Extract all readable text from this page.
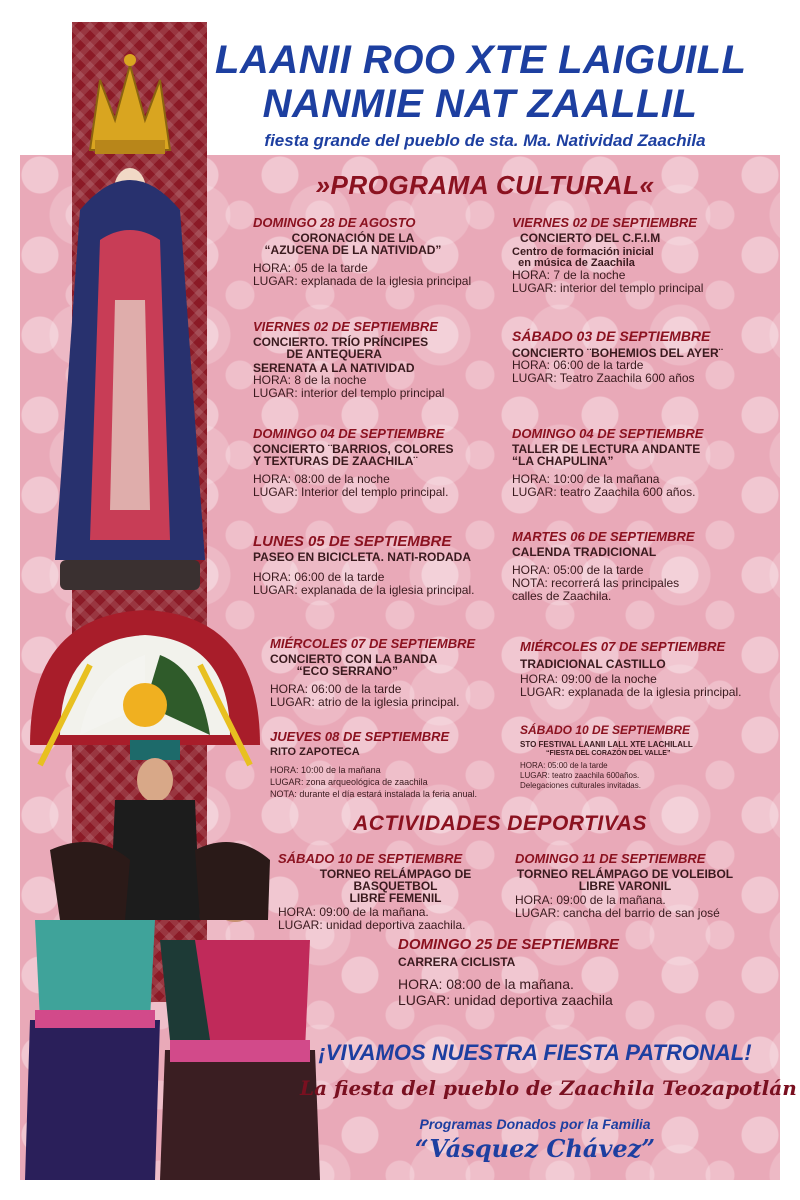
LAANII ROO XTE LAIGUILL
NANMIE NAT ZAALLIL
fiesta grande del pueblo de sta. Ma. Natividad Zaachila
»PROGRAMA CULTURAL«
DOMINGO 28 DE AGOSTO
CORONACIÓN DE LA
“AZUCENA DE LA NATIVIDAD”
HORA: 05 de la tarde
LUGAR: explanada de la iglesia principal
VIERNES 02 DE SEPTIEMBRE
CONCIERTO. TRÍO PRÍNCIPES
DE ANTEQUERA
SERENATA A LA NATIVIDAD
HORA: 8 de la noche
LUGAR: interior del templo principal
DOMINGO 04 DE SEPTIEMBRE
CONCIERTO ¨BARRIOS, COLORES
Y TEXTURAS DE ZAACHILA¨
HORA: 08:00 de la noche
LUGAR: Interior del templo principal.
LUNES 05 DE SEPTIEMBRE
PASEO EN BICICLETA. NATI-RODADA
HORA: 06:00 de la tarde
LUGAR: explanada de la iglesia principal.
MIÉRCOLES 07 DE SEPTIEMBRE
CONCIERTO CON LA BANDA
“ECO SERRANO”
HORA: 06:00 de la tarde
LUGAR: atrio de la iglesia principal.
JUEVES 08 DE SEPTIEMBRE
RITO ZAPOTECA
HORA: 10:00 de la mañana
LUGAR: zona arqueológica de zaachila
NOTA: durante el día estará instalada la feria anual.
VIERNES 02 DE SEPTIEMBRE
CONCIERTO DEL C.F.I.M
Centro de formación inicial
en música de Zaachila
HORA: 7 de la noche
LUGAR: interior del templo principal
SÁBADO 03 DE SEPTIEMBRE
CONCIERTO ¨BOHEMIOS DEL AYER¨
HORA: 06:00 de la tarde
LUGAR: Teatro Zaachila 600 años
DOMINGO 04 DE SEPTIEMBRE
TALLER DE LECTURA ANDANTE
“LA CHAPULINA”
HORA: 10:00 de la mañana
LUGAR: teatro Zaachila 600 años.
MARTES 06 DE SEPTIEMBRE
CALENDA TRADICIONAL
HORA: 05:00 de la tarde
NOTA: recorrerá las principales
calles de Zaachila.
MIÉRCOLES 07 DE SEPTIEMBRE
TRADICIONAL CASTILLO
HORA: 09:00 de la noche
LUGAR: explanada de la iglesia principal.
SÁBADO 10 DE SEPTIEMBRE
STO FESTIVAL LAANII LALL XTE LACHILALL
“FIESTA DEL CORAZÓN DEL VALLE”
HORA: 05:00 de la tarde
LUGAR: teatro zaachila 600años.
Delegaciones culturales invitadas.
ACTIVIDADES DEPORTIVAS
SÁBADO 10 DE SEPTIEMBRE
TORNEO RELÁMPAGO DE BASQUETBOL
LIBRE FEMENIL
HORA: 09:00 de la mañana.
LUGAR: unidad deportiva zaachila.
DOMINGO 11 DE SEPTIEMBRE
TORNEO RELÁMPAGO DE VOLEIBOL
LIBRE VARONIL
HORA: 09:00 de la mañana.
LUGAR: cancha del barrio de san josé
DOMINGO 25 DE SEPTIEMBRE
CARRERA CICLISTA
HORA: 08:00 de la mañana.
LUGAR: unidad deportiva zaachila
¡VIVAMOS NUESTRA FIESTA PATRONAL!
La fiesta del pueblo de Zaachila Teozapotlán
Programas Donados por la Familia
“Vásquez Chávez”
